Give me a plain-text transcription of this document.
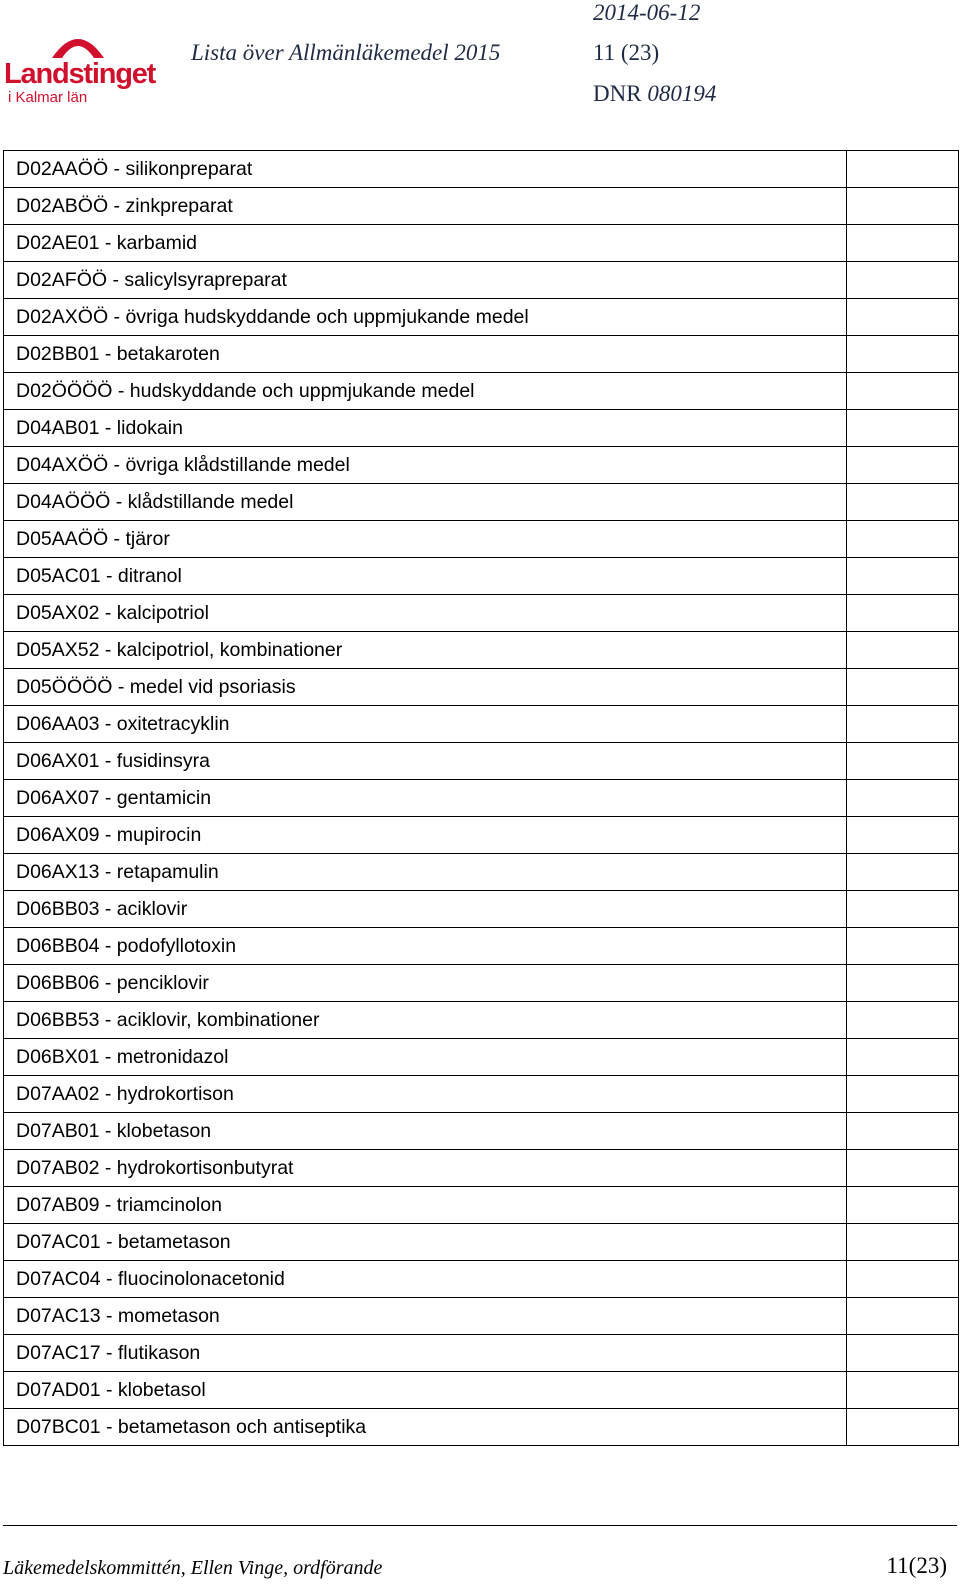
Landstinget
i Kalmar län
2014-06-12
Lista över Allmänläkemedel 2015	11 (23)
DNR 080194
D02AAÖÖ - silikonpreparat	
D02ABÖÖ - zinkpreparat	
D02AE01 - karbamid	
D02AFÖÖ - salicylsyrapreparat	
D02AXÖÖ - övriga hudskyddande och uppmjukande medel	
D02BB01 - betakaroten	
D02ÖÖÖÖ - hudskyddande och uppmjukande medel	
D04AB01 - lidokain	
D04AXÖÖ - övriga klådstillande medel	
D04AÖÖÖ - klådstillande medel	
D05AAÖÖ - tjäror	
D05AC01 - ditranol	
D05AX02 - kalcipotriol	
D05AX52 - kalcipotriol, kombinationer	
D05ÖÖÖÖ - medel vid psoriasis	
D06AA03 - oxitetracyklin	
D06AX01 - fusidinsyra	
D06AX07 - gentamicin	
D06AX09 - mupirocin	
D06AX13 - retapamulin	
D06BB03 - aciklovir	
D06BB04 - podofyllotoxin	
D06BB06 - penciklovir	
D06BB53 - aciklovir, kombinationer	
D06BX01 - metronidazol	
D07AA02 - hydrokortison	
D07AB01 - klobetason	
D07AB02 - hydrokortisonbutyrat	
D07AB09 - triamcinolon	
D07AC01 - betametason	
D07AC04 - fluocinolonacetonid	
D07AC13 - mometason	
D07AC17 - flutikason	
D07AD01 - klobetasol	
D07BC01 - betametason och antiseptika	
Läkemedelskommittén, Ellen Vinge, ordförande	11(23)
